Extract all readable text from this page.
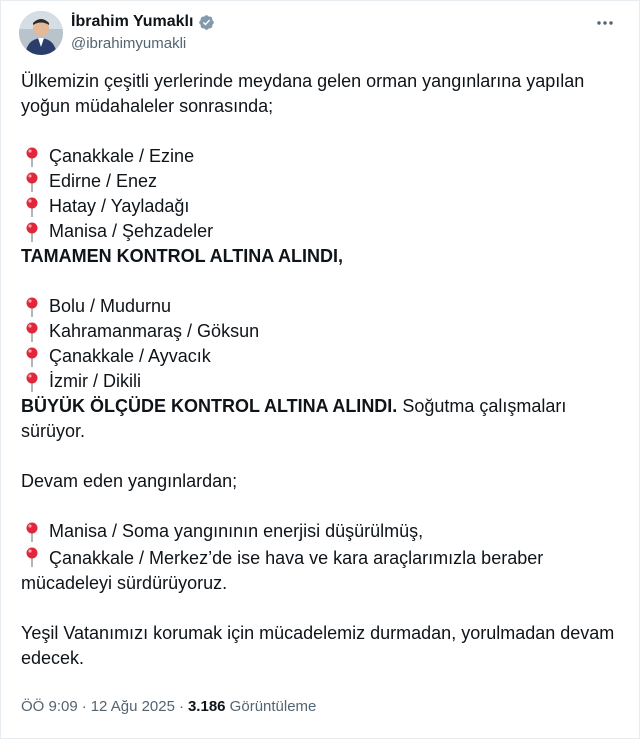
İbrahim Yumaklı
@ibrahimyumakli

Ülkemizin çeşitli yerlerinde meydana gelen orman yangınlarına yapılan yoğun müdahaleler sonrasında;

Çanakkale / Ezine
Edirne / Enez
Hatay / Yayladağı
Manisa / Şehzadeler

TAMAMEN KONTROL ALTINA ALINDI,

Bolu / Mudurnu
Kahramanmaraş / Göksun
Çanakkale / Ayvacık
İzmir / Dikili

BÜYÜK ÖLÇÜDE KONTROL ALTINA ALINDI. Soğutma çalışmaları sürüyor.

Devam eden yangınlardan;

Manisa / Soma yangınının enerjisi düşürülmüş,
Çanakkale / Merkez’de ise hava ve kara araçlarımızla beraber mücadeleyi sürdürüyoruz.

Yeşil Vatanımızı korumak için mücadelemiz durmadan, yorulmadan devam edecek.

ÖÖ 9:09 · 12 Ağu 2025 · 3.186 Görüntüleme
